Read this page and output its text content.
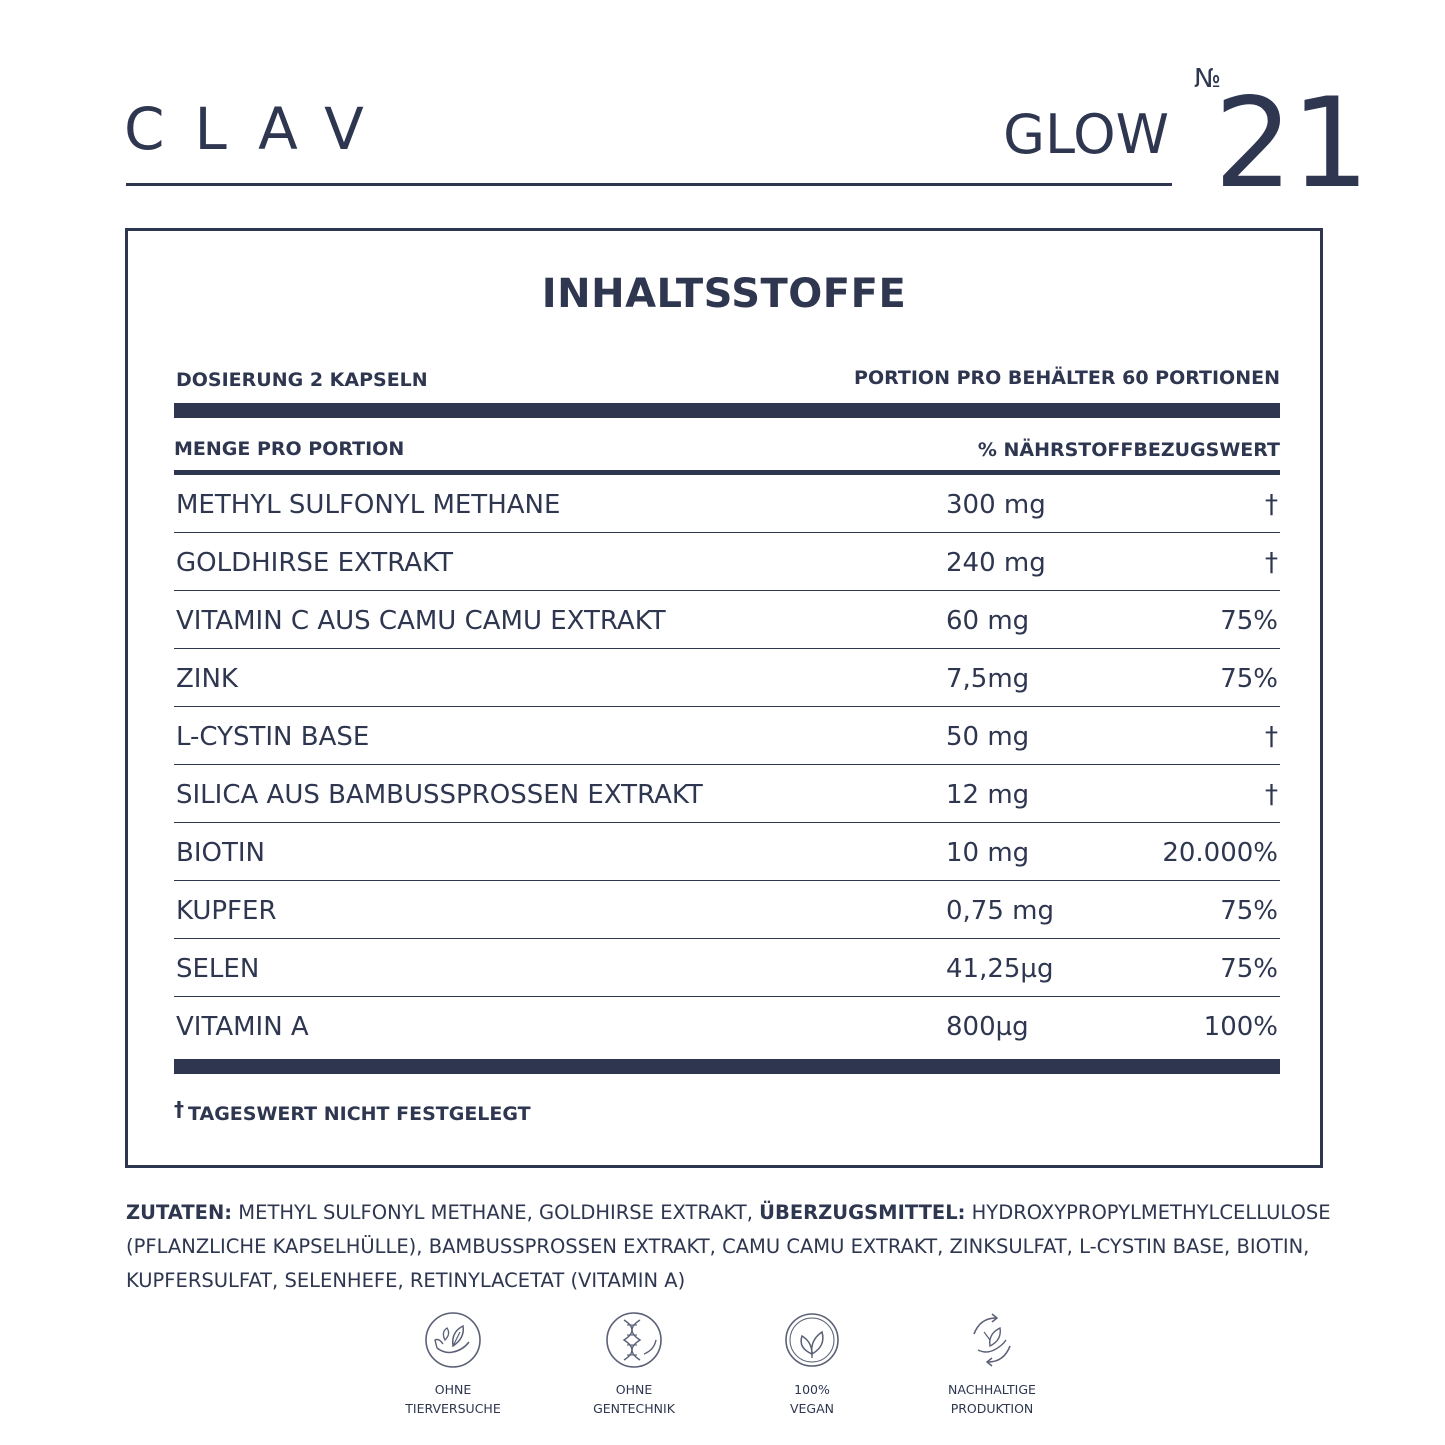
CLAV	GLOW
№
21
INHALTSSTOFFE
DOSIERUNG 2 KAPSELN	PORTION PRO BEHÄLTER 60 PORTIONEN
MENGE PRO PORTION	% NÄHRSTOFFBEZUGSWERT
METHYL SULFONYL METHANE	300 mg	†
GOLDHIRSE EXTRAKT	240 mg	†
VITAMIN C AUS CAMU CAMU EXTRAKT	60 mg	75%
ZINK	7,5mg	75%
L-CYSTIN BASE	50 mg	†
SILICA AUS BAMBUSSPROSSEN EXTRAKT	12 mg	†
BIOTIN	10 mg	20.000%
KUPFER	0,75 mg	75%
SELEN	41,25µg	75%
VITAMIN A	800µg	100%
† TAGESWERT NICHT FESTGELEGT
ZUTATEN: METHYL SULFONYL METHANE, GOLDHIRSE EXTRAKT, ÜBERZUGSMITTEL: HYDROXYPROPYLMETHYLCELLULOSE (PFLANZLICHE KAPSELHÜLLE), BAMBUSSPROSSEN EXTRAKT, CAMU CAMU EXTRAKT, ZINKSULFAT, L-CYSTIN BASE, BIOTIN, KUPFERSULFAT, SELENHEFE, RETINYLACETAT (VITAMIN A)
OHNE
TIERVERSUCHE
OHNE
GENTECHNIK
100%
VEGAN
NACHHALTIGE
PRODUKTION
